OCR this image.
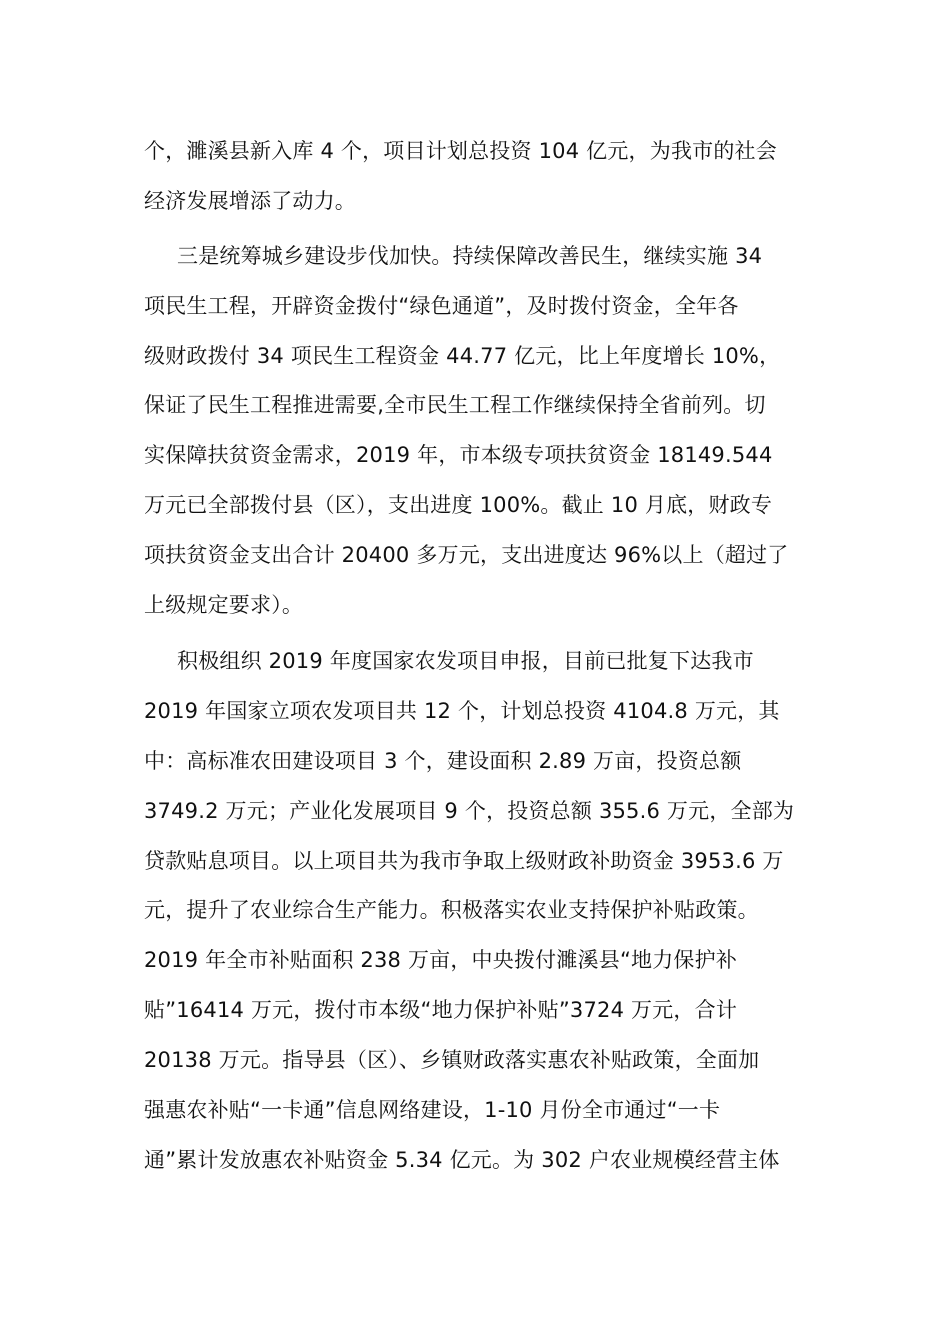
个，濉溪县新入库 4 个，项目计划总投资 104 亿元，为我市的社会
经济发展增添了动力。
三是统筹城乡建设步伐加快。持续保障改善民生，继续实施 34
项民生工程，开辟资金拨付“绿色通道”，及时拨付资金，全年各
级财政拨付 34 项民生工程资金 44.77 亿元，比上年度增长 10%，
保证了民生工程推进需要,全市民生工程工作继续保持全省前列。切
实保障扶贫资金需求，2019 年，市本级专项扶贫资金 18149.544
万元已全部拨付县（区），支出进度 100%。截止 10 月底，财政专
项扶贫资金支出合计 20400 多万元，支出进度达 96%以上（超过了
上级规定要求）。
积极组织 2019 年度国家农发项目申报，目前已批复下达我市
2019 年国家立项农发项目共 12 个，计划总投资 4104.8 万元，其
中：高标准农田建设项目 3 个，建设面积 2.89 万亩，投资总额
3749.2 万元；产业化发展项目 9 个，投资总额 355.6 万元，全部为
贷款贴息项目。以上项目共为我市争取上级财政补助资金 3953.6 万
元，提升了农业综合生产能力。积极落实农业支持保护补贴政策。
2019 年全市补贴面积 238 万亩，中央拨付濉溪县“地力保护补
贴”16414 万元，拨付市本级“地力保护补贴”3724 万元，合计
20138 万元。指导县（区）、乡镇财政落实惠农补贴政策，全面加
强惠农补贴“一卡通”信息网络建设，1-10 月份全市通过“一卡
通”累计发放惠农补贴资金 5.34 亿元。为 302 户农业规模经营主体
